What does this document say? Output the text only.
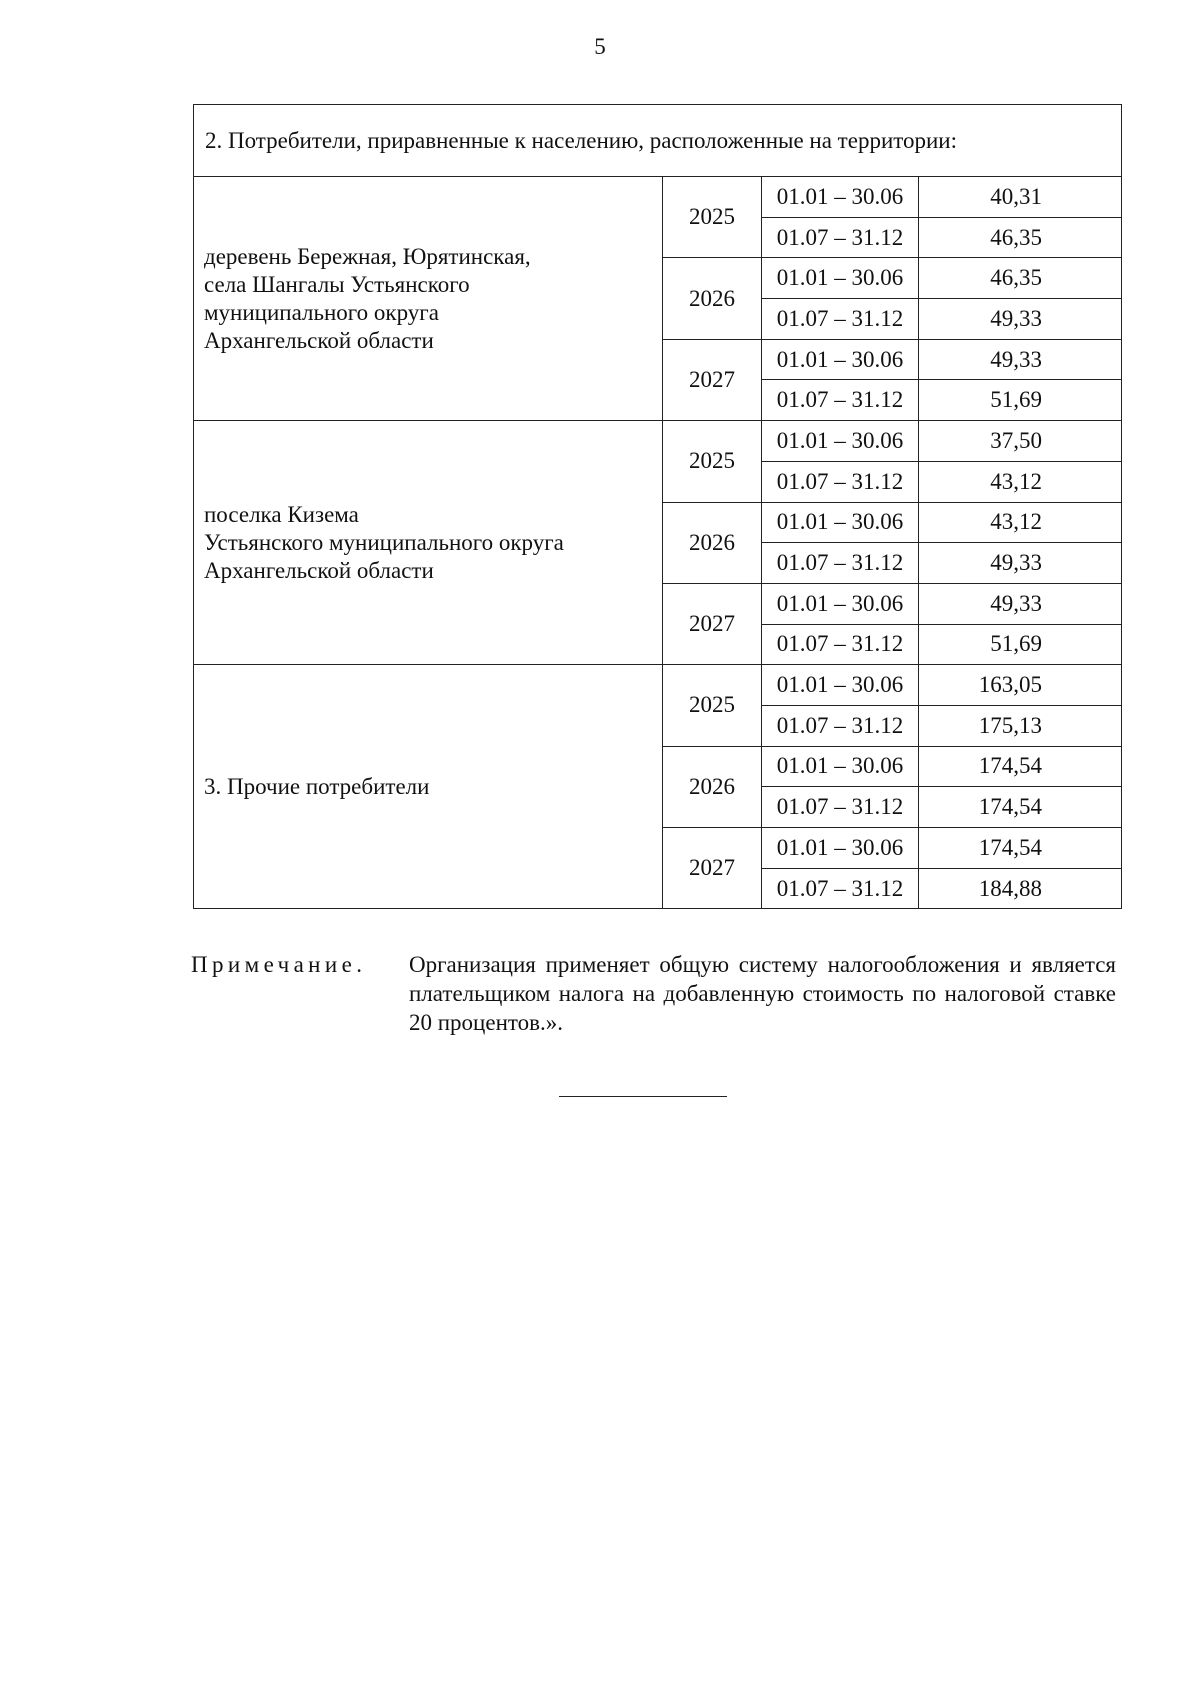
5
2. Потребители, приравненные к населению, расположенные на территории:			

деревень Бережная, Юрятинская,
села Шангалы Устьянского
муниципального округа
Архангельской области	2025	01.01 – 30.06	40,31
		01.07 – 31.12	46,35
	2026	01.01 – 30.06	46,35
		01.07 – 31.12	49,33
	2027	01.01 – 30.06	49,33
		01.07 – 31.12	51,69

поселка Кизема
Устьянского муниципального округа
Архангельской области	2025	01.01 – 30.06	37,50
		01.07 – 31.12	43,12
	2026	01.01 – 30.06	43,12
		01.07 – 31.12	49,33
	2027	01.01 – 30.06	49,33
		01.07 – 31.12	51,69

3. Прочие потребители	2025	01.01 – 30.06	163,05
		01.07 – 31.12	175,13
	2026	01.01 – 30.06	174,54
		01.07 – 31.12	174,54
	2027	01.01 – 30.06	174,54
		01.07 – 31.12	184,88
Примечание. Организация применяет общую систему налогообложения и является плательщиком налога на добавленную стоимость по налоговой ставке 20 процентов.».
